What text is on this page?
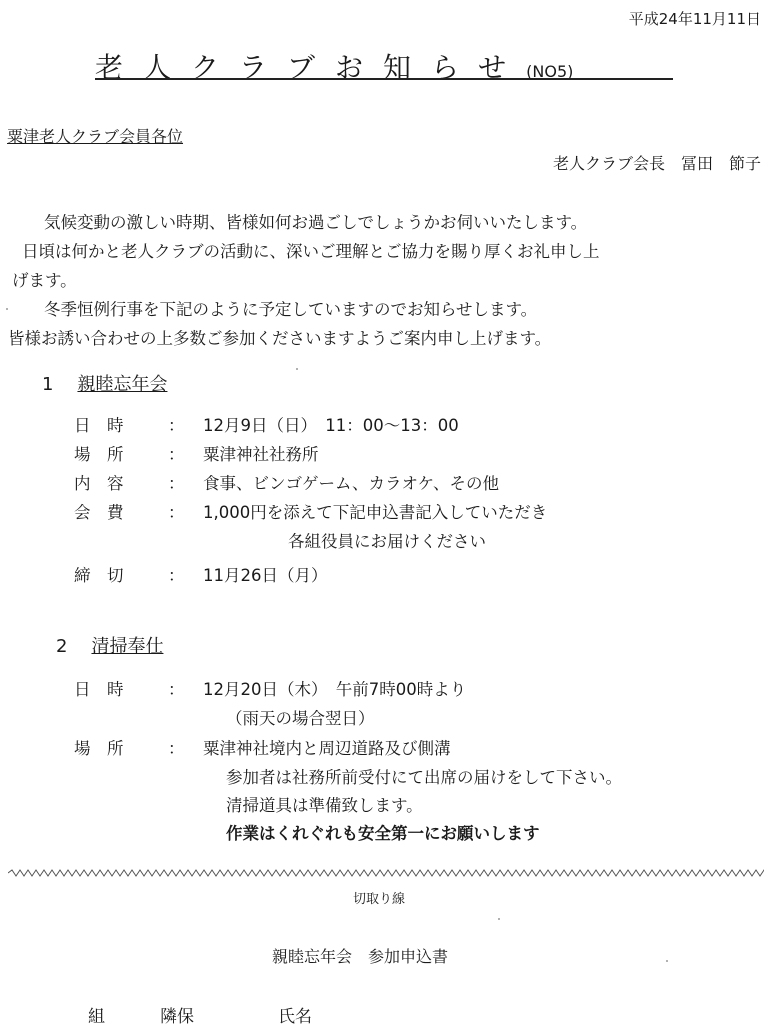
平成24年11月11日
老人クラブお知らせ(NO5)
粟津老人クラブ会員各位
老人クラブ会長　冨田　節子
気候変動の激しい時期、皆様如何お過ごしでしょうかお伺いいたします。
日頃は何かと老人クラブの活動に、深いご理解とご協力を賜り厚くお礼申し上
げます。
冬季恒例行事を下記のように予定していますのでお知らせします。
皆様お誘い合わせの上多数ご参加くださいますようご案内申し上げます。
1 親睦忘年会
日　時	： 12月9日（日）　11：00〜13：00
場　所	： 粟津神社社務所
内　容	： 食事、ビンゴゲーム、カラオケ、その他
会　費	： 1,000円を添えて下記申込書記入していただき
各組役員にお届けください
締　切	： 11月26日（月）
2 清掃奉仕
日　時	： 12月20日（木）　午前7時00時より
（雨天の場合翌日）
場　所	： 粟津神社境内と周辺道路及び側溝
参加者は社務所前受付にて出席の届けをして下さい。
清掃道具は準備致します。
作業はくれぐれも安全第一にお願いします
切取り線
親睦忘年会　参加申込書
組	隣保	氏名
